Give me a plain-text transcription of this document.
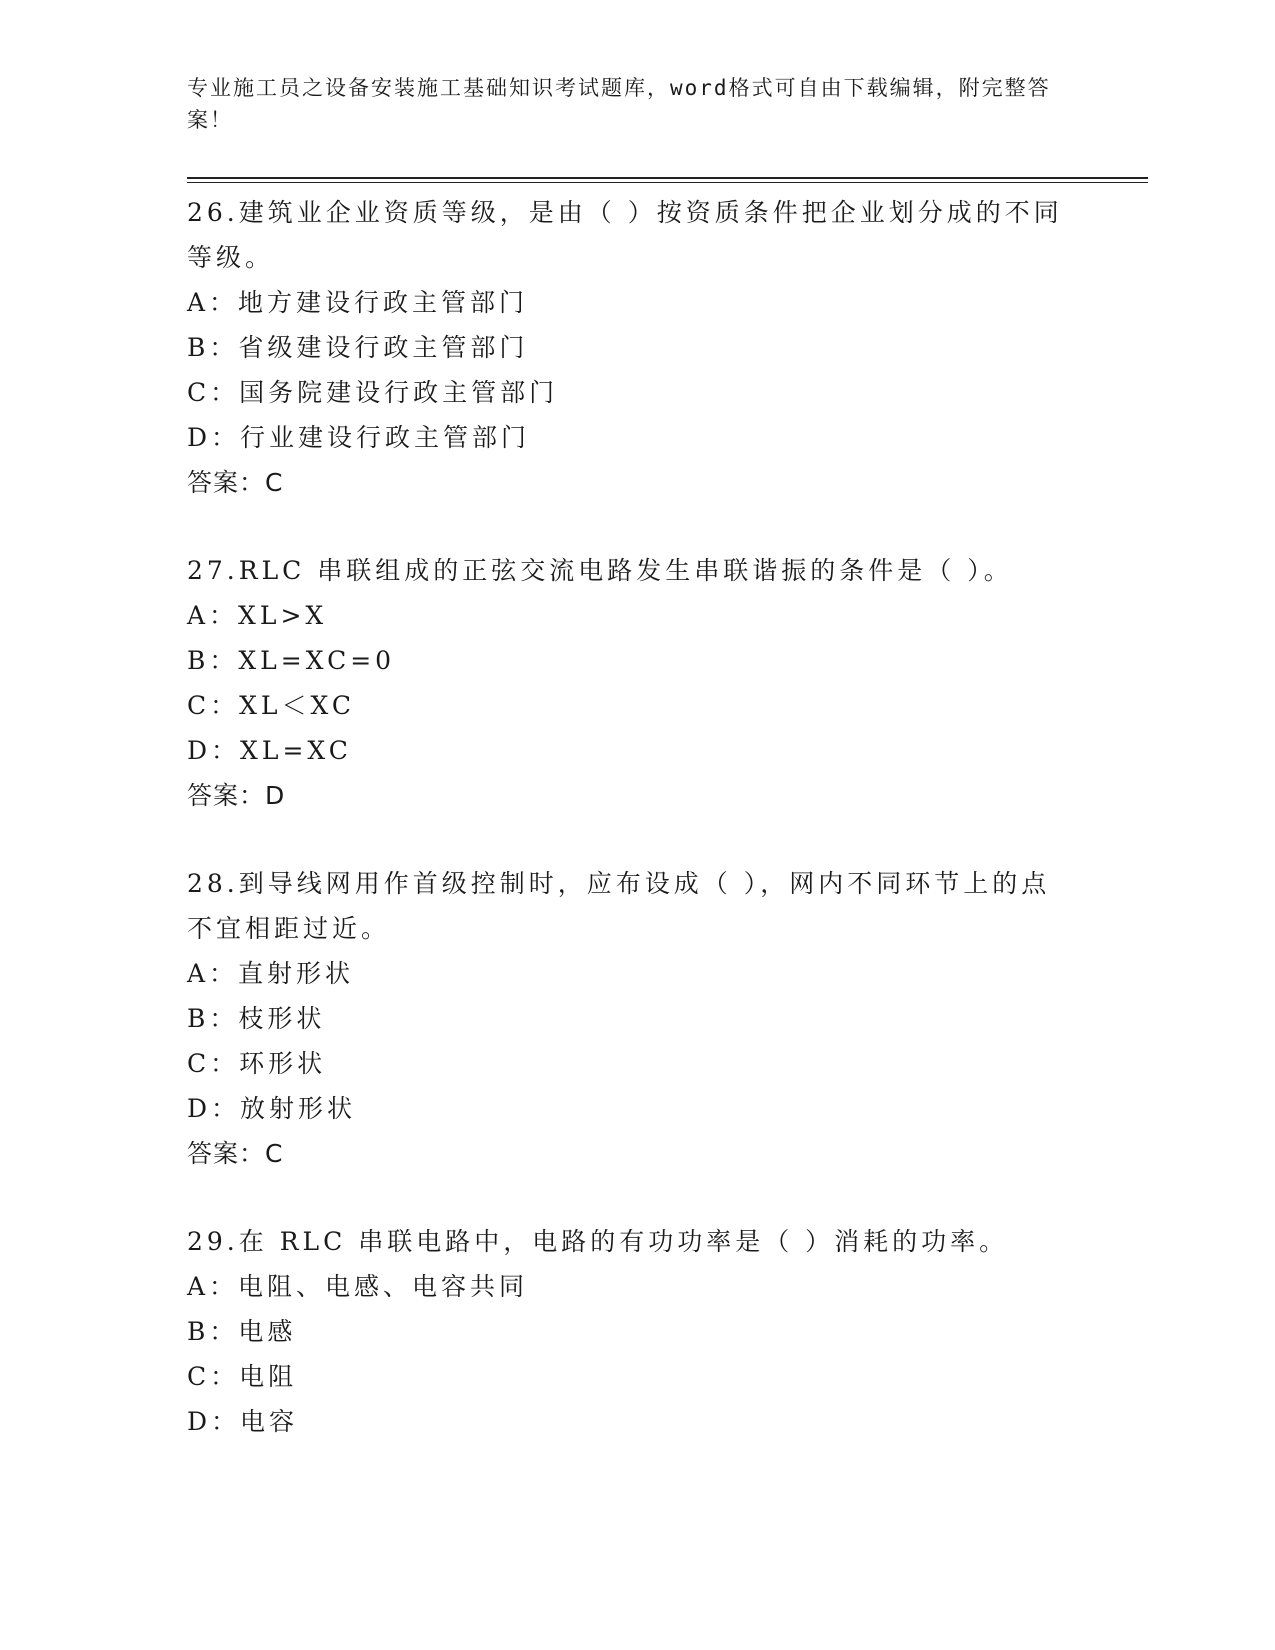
专业施工员之设备安装施工基础知识考试题库，word格式可自由下载编辑，附完整答案！
26.建筑业企业资质等级，是由（ ）按资质条件把企业划分成的不同等级。
A：地方建设行政主管部门
B：省级建设行政主管部门
C：国务院建设行政主管部门
D：行业建设行政主管部门
答案：C
27.RLC 串联组成的正弦交流电路发生串联谐振的条件是（ ）。
A：XL>X
B：XL=XC=0
C：XL＜XC
D：XL=XC
答案：D
28.到导线网用作首级控制时，应布设成（ ），网内不同环节上的点不宜相距过近。
A：直射形状
B：枝形状
C：环形状
D：放射形状
答案：C
29.在 RLC 串联电路中，电路的有功功率是（ ）消耗的功率。
A：电阻、电感、电容共同
B：电感
C：电阻
D：电容
